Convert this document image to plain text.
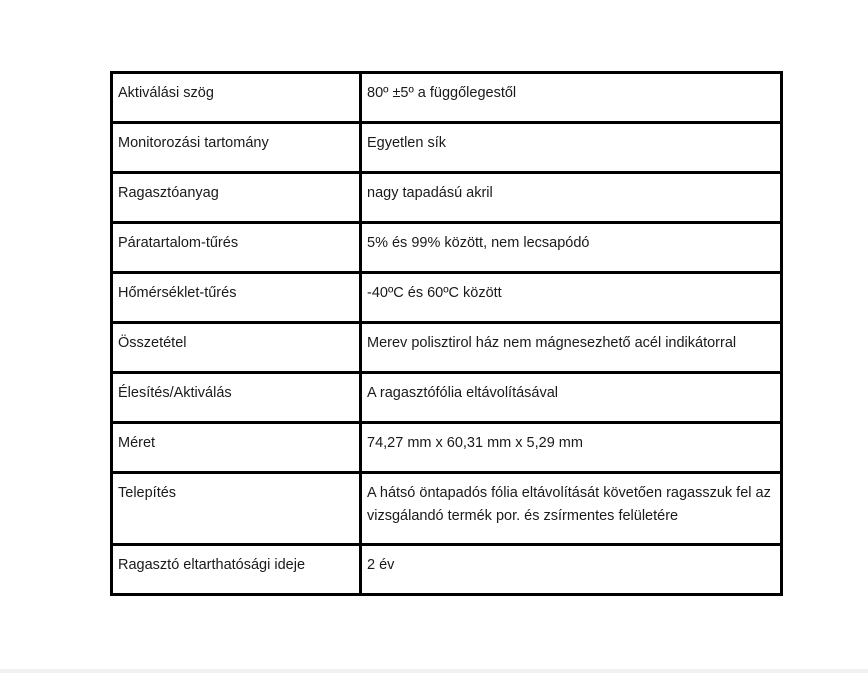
Aktiválási szög	80º ±5º a függőlegestől
Monitorozási tartomány	Egyetlen sík
Ragasztóanyag	nagy tapadású akril
Páratartalom-tűrés	5% és 99% között, nem lecsapódó
Hőmérséklet-tűrés	-40ºC és 60ºC között
Összetétel	Merev polisztirol ház nem mágnesezhető acél indikátorral
Élesítés/Aktiválás	A ragasztófólia eltávolításával
Méret	74,27 mm x 60,31 mm x 5,29 mm
Telepítés	A hátsó öntapadós fólia eltávolítását követően ragasszuk fel az vizsgálandó termék por. és zsírmentes felületére
Ragasztó eltarthatósági ideje	2 év
